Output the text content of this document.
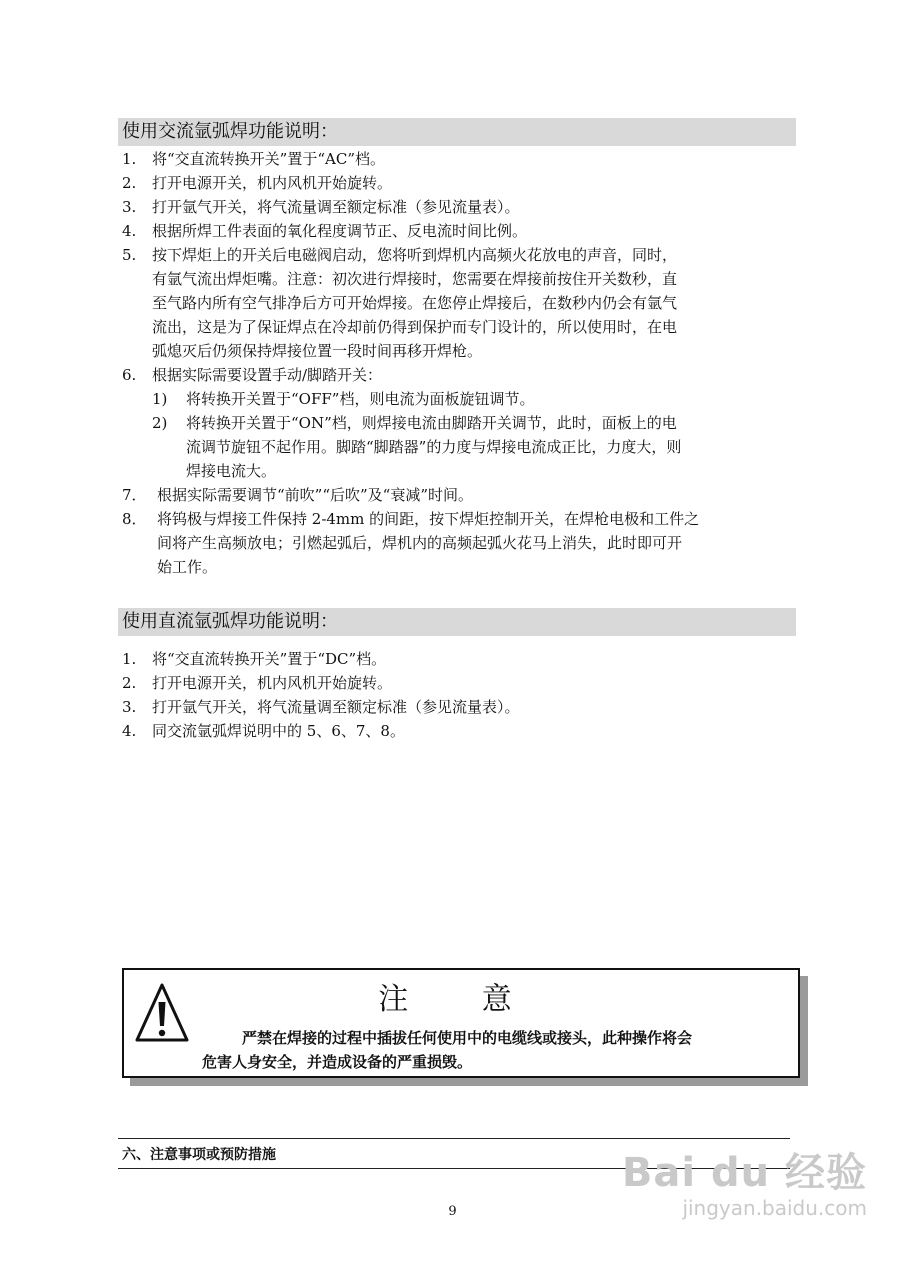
使用交流氩弧焊功能说明：
1. 将“交直流转换开关”置于“AC”档。
2. 打开电源开关，机内风机开始旋转。
3. 打开氩气开关，将气流量调至额定标准（参见流量表）。
4. 根据所焊工件表面的氧化程度调节正、反电流时间比例。
5. 按下焊炬上的开关后电磁阀启动，您将听到焊机内高频火花放电的声音，同时，
有氩气流出焊炬嘴。注意：初次进行焊接时，您需要在焊接前按住开关数秒，直
至气路内所有空气排净后方可开始焊接。在您停止焊接后，在数秒内仍会有氩气
流出，这是为了保证焊点在冷却前仍得到保护而专门设计的，所以使用时，在电
弧熄灭后仍须保持焊接位置一段时间再移开焊枪。
6. 根据实际需要设置手动/脚踏开关：
1) 将转换开关置于“OFF”档，则电流为面板旋钮调节。
2) 将转换开关置于“ON”档，则焊接电流由脚踏开关调节，此时，面板上的电
流调节旋钮不起作用。脚踏“脚踏器”的力度与焊接电流成正比，力度大，则
焊接电流大。
7． 根据实际需要调节“前吹”“后吹”及“衰减”时间。
8． 将钨极与焊接工件保持 2-4mm 的间距，按下焊炬控制开关，在焊枪电极和工件之
间将产生高频放电；引燃起弧后，焊机内的高频起弧火花马上消失，此时即可开
始工作。
使用直流氩弧焊功能说明：
1. 将“交直流转换开关”置于“DC”档。
2. 打开电源开关，机内风机开始旋转。
3. 打开氩气开关，将气流量调至额定标准（参见流量表）。
4. 同交流氩弧焊说明中的 5、6、7、8。
注 意
严禁在焊接的过程中插拔任何使用中的电缆线或接头，此种操作将会
危害人身安全，并造成设备的严重损毁。
六、注意事项或预防措施
9
Bai du 经验
jingyan.baidu.com
